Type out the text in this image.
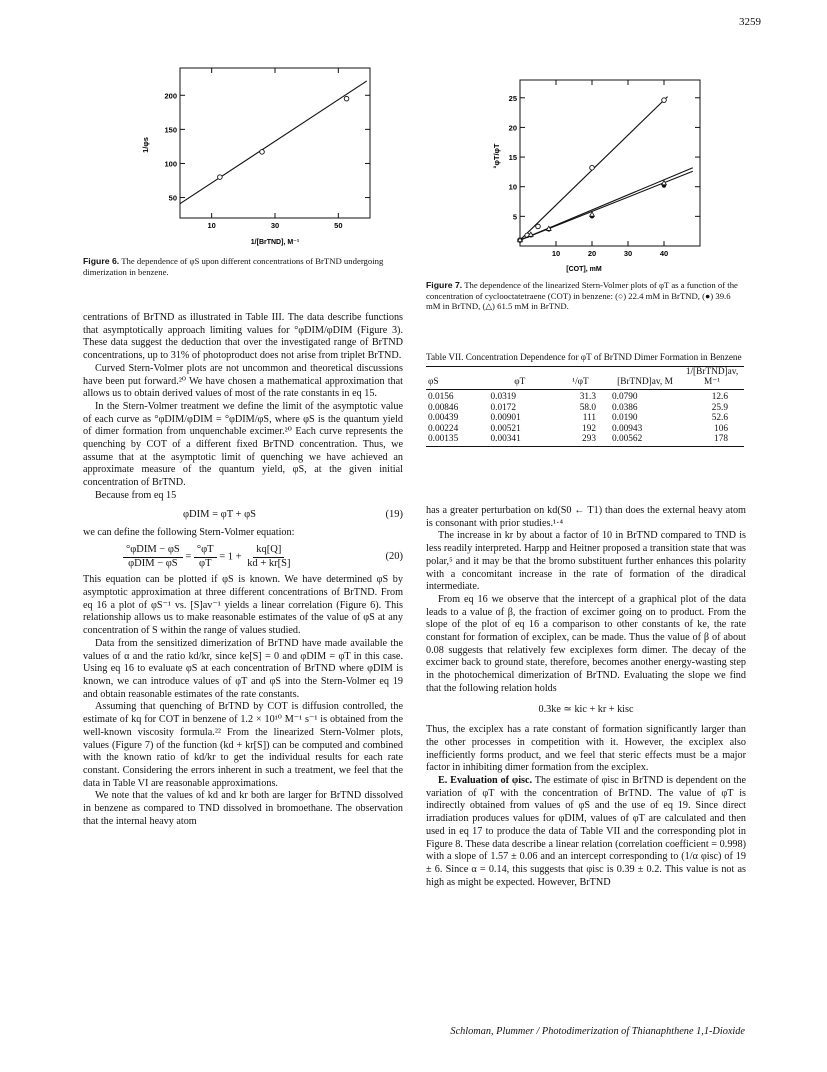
3259
10	30	50
50
100
150
200
1/[BrTND], M⁻¹
1/φs
Figure 6. The dependence of φS upon different concentrations of BrTND undergoing dimerization in benzene.
10	20	30	40
5
10
15
20
25
[COT], mM
°φT/φT
Figure 7. The dependence of the linearized Stern-Volmer plots of φT as a function of the concentration of cyclooctatetraene (COT) in benzene: (○) 22.4 mM in BrTND, (●) 39.6 mM in BrTND, (△) 61.5 mM in BrTND.

centrations of BrTND as illustrated in Table III. The data describe functions that asymptotically approach limiting values for °φDIM/φDIM (Figure 3). These data suggest the deduction that over the investigated range of BrTND concentrations, up to 31% of photoproduct does not arise from triplet BrTND.

Curved Stern-Volmer plots are not uncommon and theoretical discussions have been put forward.²⁰ We have chosen a mathematical approximation that allows us to obtain derived values of most of the rate constants in eq 15.

In the Stern-Volmer treatment we define the limit of the asymptotic value of each curve as °φDIM/φDIM = °φDIM/φS, where φS is the quantum yield of dimer formation from unquenchable excimer.²⁰ Each curve represents the quenching by COT of a different fixed BrTND concentration. Thus, we assume that at the asymptotic limit of quenching we have achieved an approximate measure of the quantum yield, φS, at the given initial concentration of BrTND.

Because from eq 15

φDIM = φT + φS	(19)

we can define the following Stern-Volmer equation:

$\frac{\text{°φDIM − φS}}{\text{φDIM − φS}} = \frac{^\circ\varphi T}{\varphi T} = 1 + \frac{kq[Q]}{kd + kr[S]}$	(20)

This equation can be plotted if φS is known. We have determined φS by asymptotic approximation at three different concentrations of BrTND. From eq 16 a plot of φS⁻¹ vs. [S]av⁻¹ yields a linear correlation (Figure 6). This relationship allows us to make reasonable estimates of the value of φS at any concentration of S within the range of values studied.

Data from the sensitized dimerization of BrTND have made available the values of α and the ratio kd/kr, since ke[S] = 0 and φDIM = φT in this case. Using eq 16 to evaluate φS at each concentration of BrTND where φDIM is known, we can introduce values of φT and φS into the Stern-Volmer eq 19 and obtain reasonable estimates of the rate constants.

Assuming that quenching of BrTND by COT is diffusion controlled, the estimate of kq for COT in benzene of 1.2 × 10¹⁰ M⁻¹ s⁻¹ is obtained from the well-known viscosity formula.²² From the linearized Stern-Volmer plots, values (Figure 7) of the function (kd + kr[S]) can be computed and combined with the known ratio of kd/kr to get the individual results for each rate constant. Considering the errors inherent in such a treatment, we feel that the data in Table VI are reasonable approximations.

We note that the values of kd and kr both are larger for BrTND dissolved in benzene as compared to TND dissolved in bromoethane. The observation that the internal heavy atom

Table VII. Concentration Dependence for φT of BrTND Dimer Formation in Benzene
φS	φT	¹/φT	[BrTND]av, M	1/[BrTND]av, M⁻¹

0.0156	0.0319	31.3	0.0790	12.6
0.00846	0.0172	58.0	0.0386	25.9
0.00439	0.00901	111	0.0190	52.6
0.00224	0.00521	192	0.00943	106
0.00135	0.00341	293	0.00562	178

has a greater perturbation on kd(S0 ← T1) than does the external heavy atom is consonant with prior studies.¹·⁴

The increase in kr by about a factor of 10 in BrTND compared to TND is less readily interpreted. Harpp and Heitner proposed a transition state that was polar,⁵ and it may be that the bromo substituent further enhances this polarity with a concomitant increase in the rate of formation of the diradical intermediate.

From eq 16 we observe that the intercept of a graphical plot of the data leads to a value of β, the fraction of excimer going on to product. From the slope of the plot of eq 16 a comparison to other constants of ke, the rate constant for formation of exciplex, can be made. Thus the value of β of about 0.08 suggests that relatively few exciplexes form dimer. The decay of the excimer back to ground state, therefore, becomes another energy-wasting step in the photochemical dimerization of BrTND. Evaluating the slope we find that the following relation holds

0.3ke ≃ kic + kr + kisc

Thus, the exciplex has a rate constant of formation significantly larger than the other processes in competition with it. However, the exciplex also inefficiently forms product, and we feel that steric effects must be a major factor in inhibiting dimer formation from the exciplex.

E. Evaluation of φisc. The estimate of φisc in BrTND is dependent on the variation of φT with the concentration of BrTND. The value of φT is indirectly obtained from values of φS and the use of eq 19. Since direct irradiation produces values for φDIM, values of φT are calculated and then used in eq 17 to produce the data of Table VII and the corresponding plot in Figure 8. These data describe a linear relation (correlation coefficient = 0.998) with a slope of 1.57 ± 0.06 and an intercept corresponding to (1/α φisc) of 19 ± 6. Since α = 0.14, this suggests that φisc is 0.39 ± 0.2. This value is not as high as might be expected. However, BrTND

Schloman, Plummer / Photodimerization of Thianaphthene 1,1-Dioxide
